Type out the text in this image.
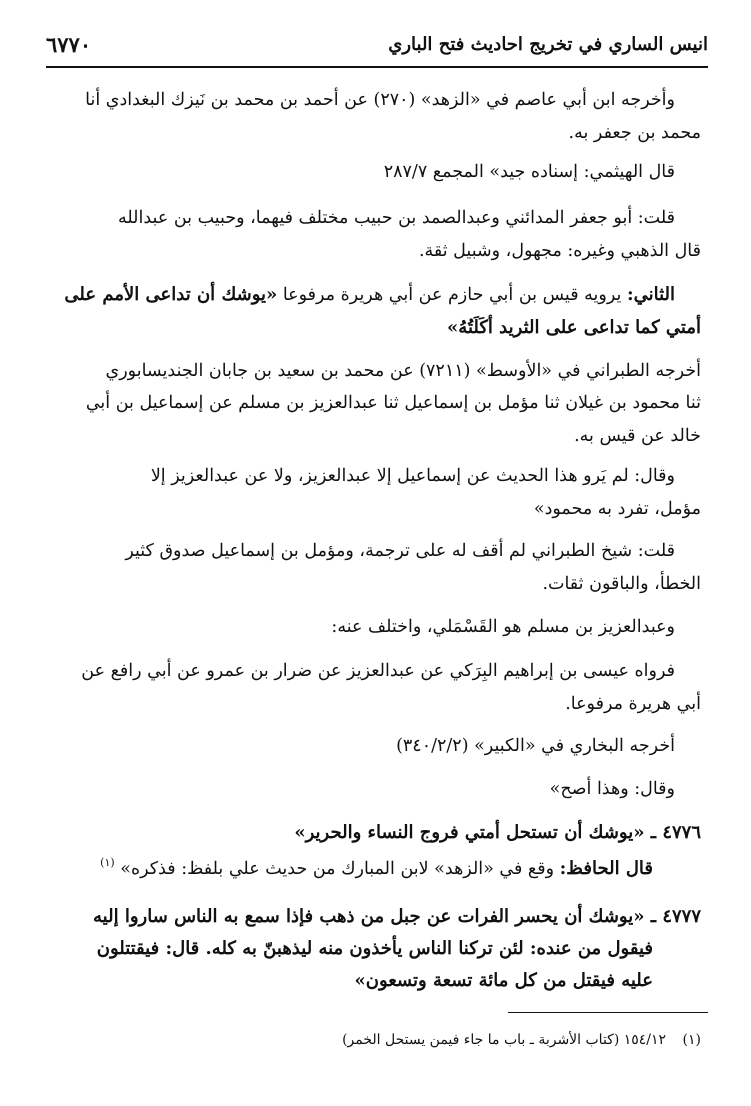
انيس الساري في تخريج احاديث فتح الباري
٦٧٧٠
وأخرجه ابن أبي عاصم في «الزهد» (٢٧٠) عن أحمد بن محمد بن نَيزك البغدادي أنا
محمد بن جعفر به.
قال الهيثمي: إسناده جيد» المجمع ٢٨٧/٧
قلت: أبو جعفر المدائني وعبدالصمد بن حبيب مختلف فيهما، وحبيب بن عبدالله
قال الذهبي وغيره: مجهول، وشبيل ثقة.
الثاني: يرويه قيس بن أبي حازم عن أبي هريرة مرفوعا «يوشك أن تداعى الأمم على
أمتي كما تداعى على الثريد أكَلَتُهُ»
أخرجه الطبراني في «الأوسط» (٧٢١١) عن محمد بن سعيد بن جابان الجنديسابوري
ثنا محمود بن غيلان ثنا مؤمل بن إسماعيل ثنا عبدالعزيز بن مسلم عن إسماعيل بن أبي
خالد عن قيس به.
وقال: لم يَرو هذا الحديث عن إسماعيل إلا عبدالعزيز، ولا عن عبدالعزيز إلا
مؤمل، تفرد به محمود»
قلت: شيخ الطبراني لم أقف له على ترجمة، ومؤمل بن إسماعيل صدوق كثير
الخطأ، والباقون ثقات.
وعبدالعزيز بن مسلم هو القَسْمَلي، واختلف عنه:
فرواه عيسى بن إبراهيم البِرَكي عن عبدالعزيز عن ضرار بن عمرو عن أبي رافع عن
أبي هريرة مرفوعا.
أخرجه البخاري في «الكبير» (٣٤٠/٢/٢)
وقال: وهذا أصح»
٤٧٧٦ ـ «يوشك أن تستحل أمتي فروج النساء والحرير»
قال الحافظ: وقع في «الزهد» لابن المبارك من حديث علي بلفظ: فذكره» $^{(١)}$
٤٧٧٧ ـ «يوشك أن يحسر الفرات عن جبل من ذهب فإذا سمع به الناس ساروا إليه
فيقول من عنده: لئن تركنا الناس يأخذون منه ليذهبنّ به كله. قال: فيقتتلون
عليه فيقتل من كل مائة تسعة وتسعون»
(١) ١٥٤/١٢ (كتاب الأشربة ـ باب ما جاء فيمن يستحل الخمر)
